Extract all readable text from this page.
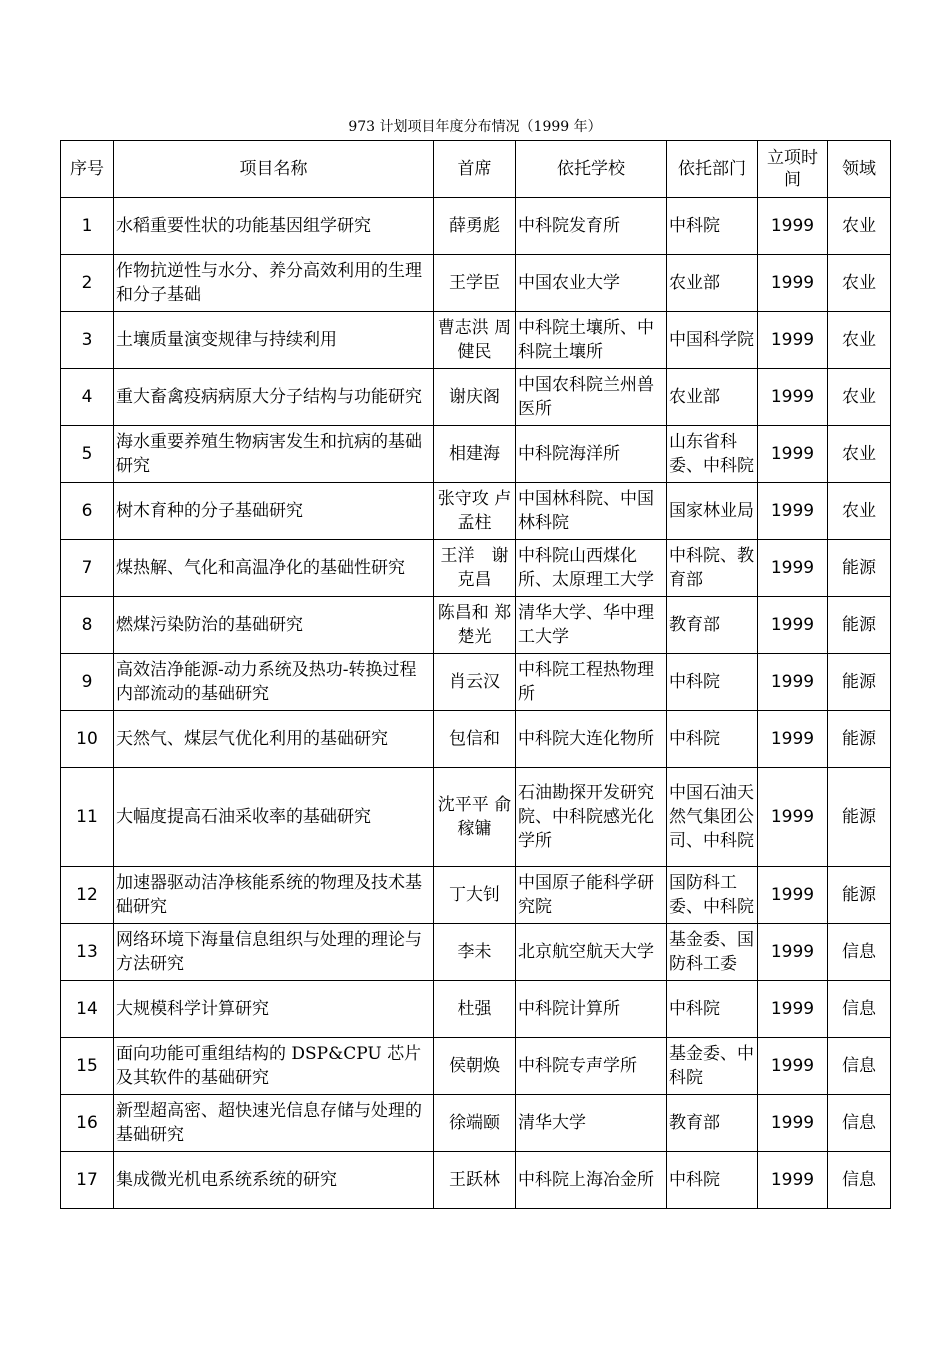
973 计划项目年度分布情况（1999 年）
序号	项目名称	首席	依托学校	依托部门	立项时间	领域
1	水稻重要性状的功能基因组学研究	薛勇彪	中科院发育所	中科院	1999	农业
2	作物抗逆性与水分、养分高效利用的生理和分子基础	王学臣	中国农业大学	农业部	1999	农业
3	土壤质量演变规律与持续利用	曹志洪 周健民	中科院土壤所、中科院土壤所	中国科学院	1999	农业
4	重大畜禽疫病病原大分子结构与功能研究	谢庆阁	中国农科院兰州兽医所	农业部	1999	农业
5	海水重要养殖生物病害发生和抗病的基础研究	相建海	中科院海洋所	山东省科委、中科院	1999	农业
6	树木育种的分子基础研究	张守攻 卢孟柱	中国林科院、中国林科院	国家林业局	1999	农业
7	煤热解、气化和高温净化的基础性研究	王洋　谢克昌	中科院山西煤化所、太原理工大学	中科院、教育部	1999	能源
8	燃煤污染防治的基础研究	陈昌和 郑楚光	清华大学、华中理工大学	教育部	1999	能源
9	高效洁净能源-动力系统及热功-转换过程内部流动的基础研究	肖云汉	中科院工程热物理所	中科院	1999	能源
10	天然气、煤层气优化利用的基础研究	包信和	中科院大连化物所	中科院	1999	能源
11	大幅度提高石油采收率的基础研究	沈平平 俞稼镛	石油勘探开发研究院、中科院感光化学所	中国石油天然气集团公司、中科院	1999	能源
12	加速器驱动洁净核能系统的物理及技术基础研究	丁大钊	中国原子能科学研究院	国防科工委、中科院	1999	能源
13	网络环境下海量信息组织与处理的理论与方法研究	李未	北京航空航天大学	基金委、国防科工委	1999	信息
14	大规模科学计算研究	杜强	中科院计算所	中科院	1999	信息
15	面向功能可重组结构的 DSP&CPU 芯片及其软件的基础研究	侯朝焕	中科院专声学所	基金委、中科院	1999	信息
16	新型超高密、超快速光信息存储与处理的基础研究	徐端颐	清华大学	教育部	1999	信息
17	集成微光机电系统系统的研究	王跃林	中科院上海冶金所	中科院	1999	信息
